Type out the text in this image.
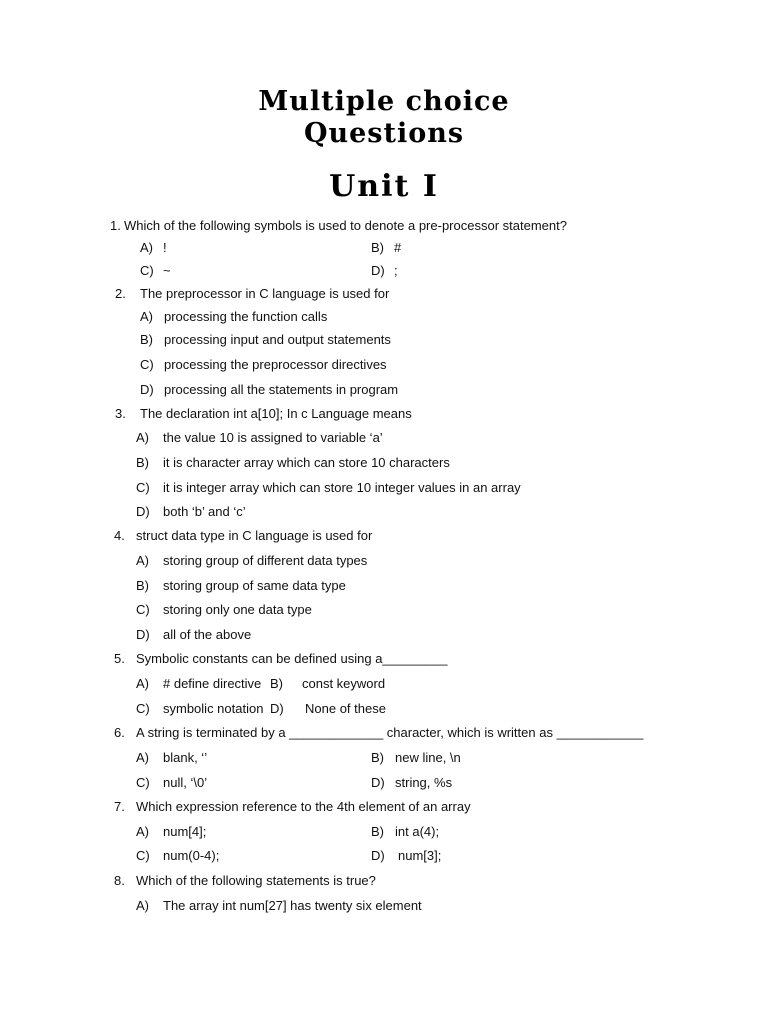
Multiple choice
Questions
Unit I
1. Which of the following symbols is used to denote a pre-processor statement?
A) !	B) #
C) ~	D) ;
2. The preprocessor in C language is used for
A) processing the function calls
B) processing input and output statements
C) processing the preprocessor directives
D) processing all the statements in program
3. The declaration int a[10]; In c Language means
A) the value 10 is assigned to variable ‘a’
B) it is character array which can store 10 characters
C) it is integer array which can store 10 integer values in an array
D) both ‘b’ and ‘c’
4. struct data type in C language is used for
A) storing group of different data types
B) storing group of same data type
C) storing only one data type
D) all of the above
5. Symbolic constants can be defined using a_________
A) # define directive B) const keyword
C) symbolic notation D) None of these
6. A string is terminated by a _____________ character, which is written as ____________
A) blank, ‘’	B) new line, \n
C) null, ‘\0’	D) string, %s
7. Which expression reference to the 4th element of an array
A) num[4];	B) int a(4);
C) num(0-4);	D) num[3];
8. Which of the following statements is true?
A) The array int num[27] has twenty six element
